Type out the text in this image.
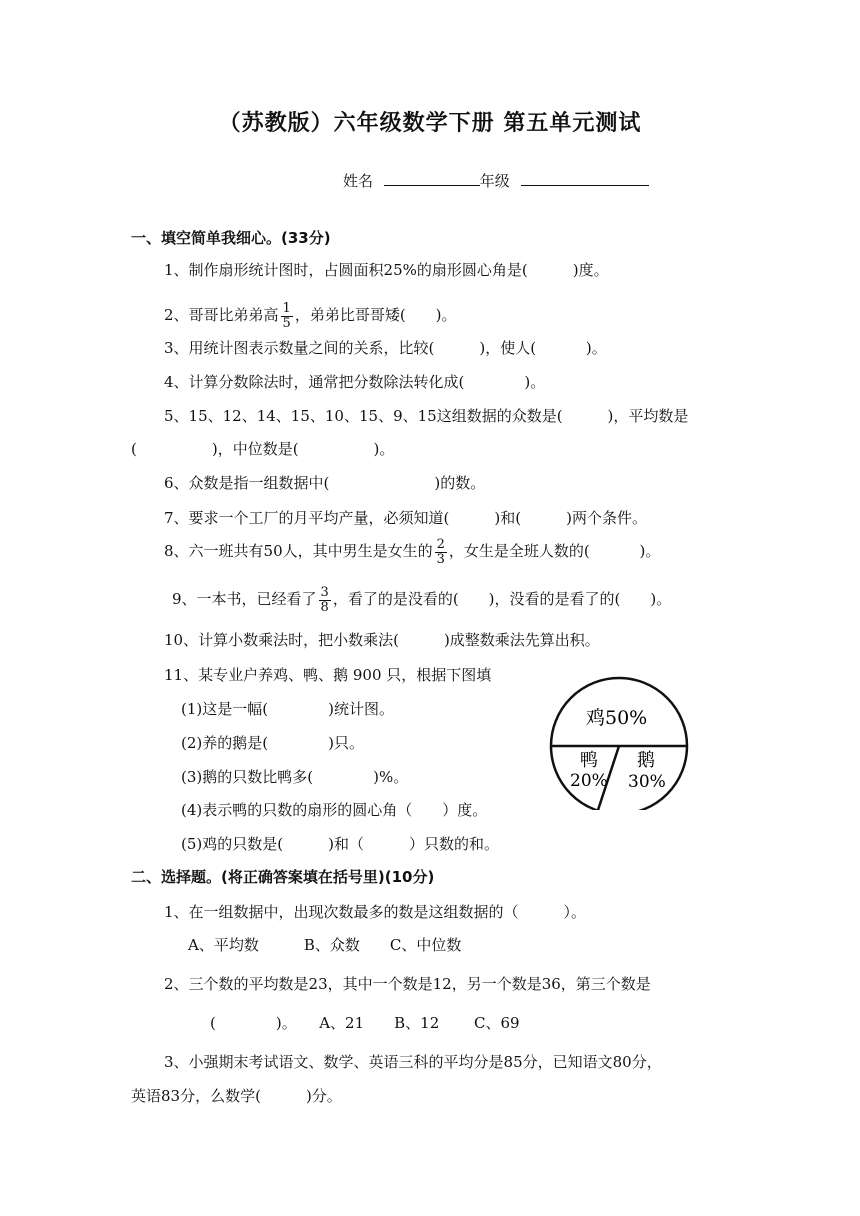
（苏教版）六年级数学下册 第五单元测试
姓名	年级
一、填空简单我细心。(33分)
1、制作扇形统计图时，占圆面积25%的扇形圆心角是(　　　)度。
2、哥哥比弟弟高 $\frac{1}{5}$ ，弟弟比哥哥矮(　　)。
3、用统计图表示数量之间的关系，比较(　　　)，使人(　　　 )。
4、计算分数除法时，通常把分数除法转化成(　　　　)。
5、15、12、14、15、10、15、9、15这组数据的众数是(　　　)，平均数是
(　　　　　)，中位数是(　　　　　)。
6、众数是指一组数据中(　　　　　　　)的数。
7、要求一个工厂的月平均产量，必须知道(　　　)和(　　　)两个条件。
8、六一班共有50人，其中男生是女生的 $\frac{2}{3}$ ，女生是全班人数的(　　　 )。
9、一本书，已经看了 $\frac{3}{8}$ ，看了的是没看的(　　)，没看的是看了的(　　)。
10、计算小数乘法时，把小数乘法(　　　)成整数乘法先算出积。
11、某专业户养鸡、鸭、鹅 900 只，根据下图填
(1)这是一幅(　　　　)统计图。
(2)养的鹅是(　　　　)只。
(3)鹅的只数比鸭多(　　　　)%。
(4)表示鸭的只数的扇形的圆心角（　　）度。
(5)鸡的只数是(　　　)和（　　　）只数的和。
鸡50%
鸭
20%
鹅
30%
二、选择题。(将正确答案填在括号里)(10分)
1、在一组数据中，出现次数最多的数是这组数据的（　　　）。
A、平均数　　　B、众数　　C、中位数
2、三个数的平均数是23，其中一个数是12，另一个数是36，第三个数是
(　　　　)。　　A、21　　B、12　　 C、69
3、小强期末考试语文、数学、英语三科的平均分是85分，已知语文80分，
英语83分，么数学(　　　)分。
